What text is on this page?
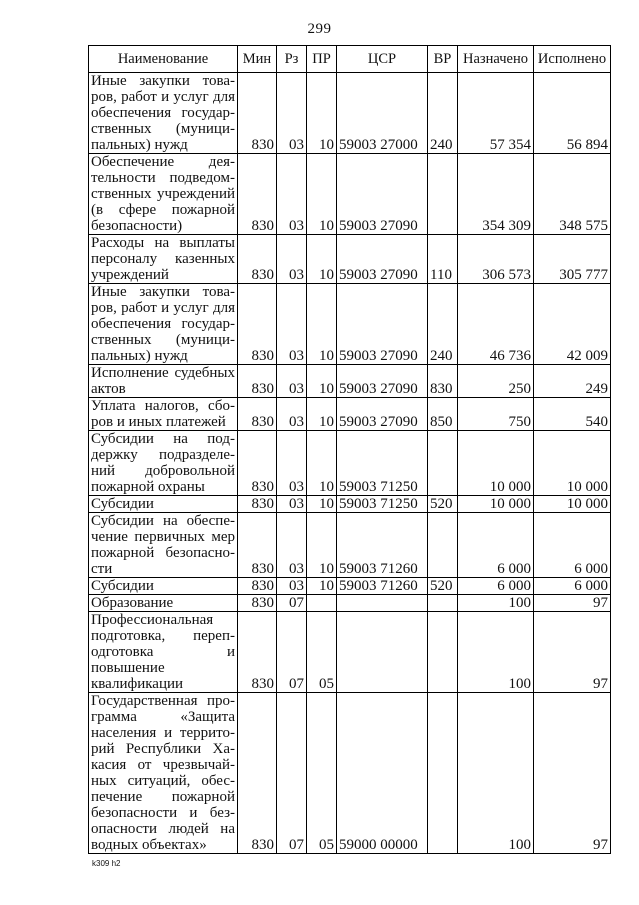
299
Наименование	Мин	Рз	ПР	ЦСР	ВР	Назначено	Исполнено
Иные закупки товаров, работ и услуг для обеспечения государственных (муниципальных) нужд	830	03	10	59003 27000	240	57 354	56 894
Обеспечение деятельности подведомственных учреждений (в сфере пожарной безопасности)	830	03	10	59003 27090		354 309	348 575
Расходы на выплаты персоналу казенных учреждений	830	03	10	59003 27090	110	306 573	305 777
Иные закупки товаров, работ и услуг для обеспечения государственных (муниципальных) нужд	830	03	10	59003 27090	240	46 736	42 009
Исполнение судебных актов	830	03	10	59003 27090	830	250	249
Уплата налогов, сборов и иных платежей	830	03	10	59003 27090	850	750	540
Субсидии на поддержку подразделений добровольной пожарной охраны	830	03	10	59003 71250		10 000	10 000
Субсидии	830	03	10	59003 71250	520	10 000	10 000
Субсидии на обеспечение первичных мер пожарной безопасности	830	03	10	59003 71260		6 000	6 000
Субсидии	830	03	10	59003 71260	520	6 000	6 000
Образование	830	07				100	97
Профессиональная подготовка, переподготовка и повышение квалификации	830	07	05			100	97
Государственная программа «Защита населения и территорий Республики Хакасия от чрезвычайных ситуаций, обеспечение пожарной безопасности и безопасности людей на водных объектах»	830	07	05	59000 00000		100	97
k309 h2
